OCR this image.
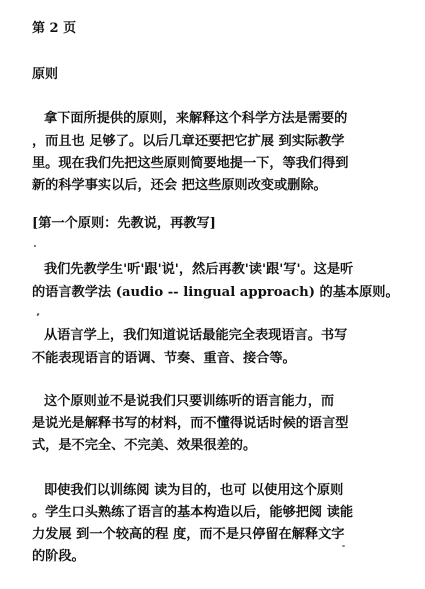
第 2 页
原则
拿下面所提供的原则，来解释这个科学方法是需要的
，而且也 足够了。以后几章还要把它扩展 到实际教学
里。现在我们先把这些原则简要地提一下，等我们得到
新的科学事实以后，还会 把这些原则改变或删除。
[第一个原则：先教说，再教写]
我们先教学生'听'跟'说'，然后再教'读'跟'写'。这是听
的语言教学法 (audio -- lingual approach) 的基本原则。
从语言学上，我们知道说话最能完全表现语言。书写
不能表现语言的语调、节奏、重音、接合等。
这个原则並不是说我们只要训练听的语言能力，而
是说光是解释书写的材料，而不懂得说话时候的语言型
式，是不完全、不完美、效果很差的。
即使我们以训练阅 读为目的，也可 以使用这个原则
。学生口头熟练了语言的基本构造以后，能够把阅 读能
力发展 到一个较高的程 度，而不是只停留在解释文字
的阶段。
